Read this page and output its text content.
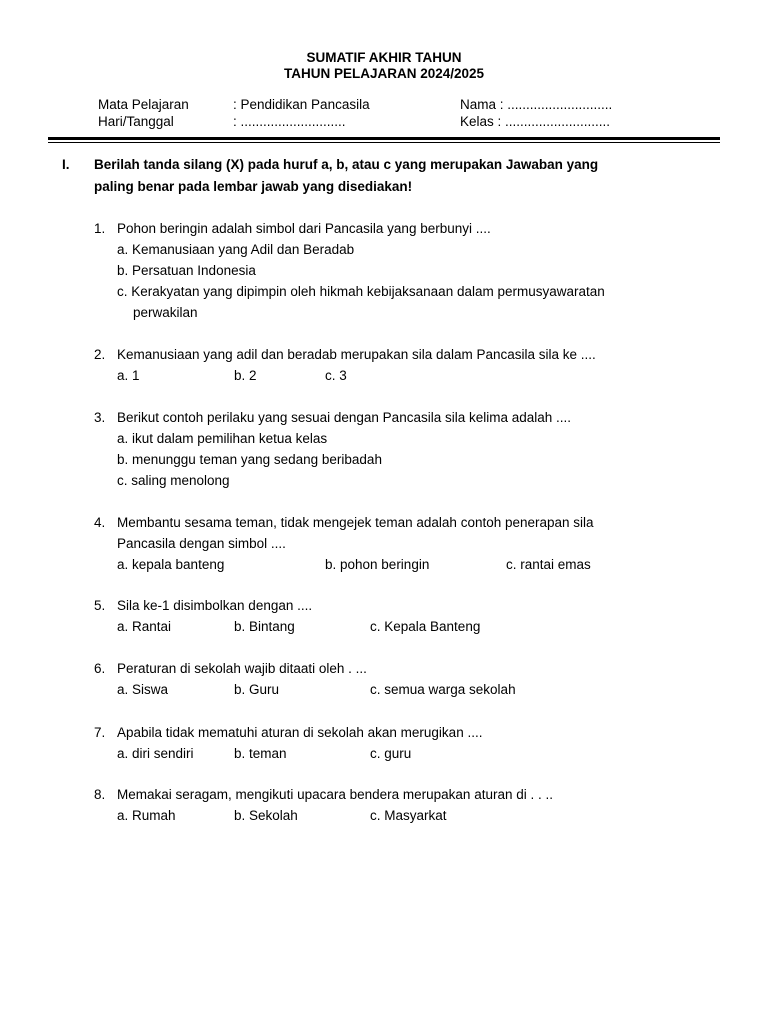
SUMATIF AKHIR TAHUN
TAHUN PELAJARAN 2024/2025
Mata Pelajaran	: Pendidikan Pancasila	Nama : ............................
Hari/Tanggal	: ............................	Kelas : ............................
I. Berilah tanda silang (X) pada huruf a, b, atau c yang merupakan Jawaban yang
paling benar pada lembar jawab yang disediakan!
1. Pohon beringin adalah simbol dari Pancasila yang berbunyi ....
a. Kemanusiaan yang Adil dan Beradab
b. Persatuan Indonesia
c. Kerakyatan yang dipimpin oleh hikmah kebijaksanaan dalam permusyawaratan
perwakilan
2. Kemanusiaan yang adil dan beradab merupakan sila dalam Pancasila sila ke ....
a. 1	b. 2	c. 3
3. Berikut contoh perilaku yang sesuai dengan Pancasila sila kelima adalah ....
a. ikut dalam pemilihan ketua kelas
b. menunggu teman yang sedang beribadah
c. saling menolong
4. Membantu sesama teman, tidak mengejek teman adalah contoh penerapan sila
Pancasila dengan simbol ....
a. kepala banteng	b. pohon beringin	c. rantai emas
5. Sila ke-1 disimbolkan dengan ....
a. Rantai	b. Bintang	c. Kepala Banteng
6. Peraturan di sekolah wajib ditaati oleh . ...
a. Siswa	b. Guru	c. semua warga sekolah
7. Apabila tidak mematuhi aturan di sekolah akan merugikan ....
a. diri sendiri	b. teman	c. guru
8. Memakai seragam, mengikuti upacara bendera merupakan aturan di . . ..
a. Rumah	b. Sekolah	c. Masyarkat
